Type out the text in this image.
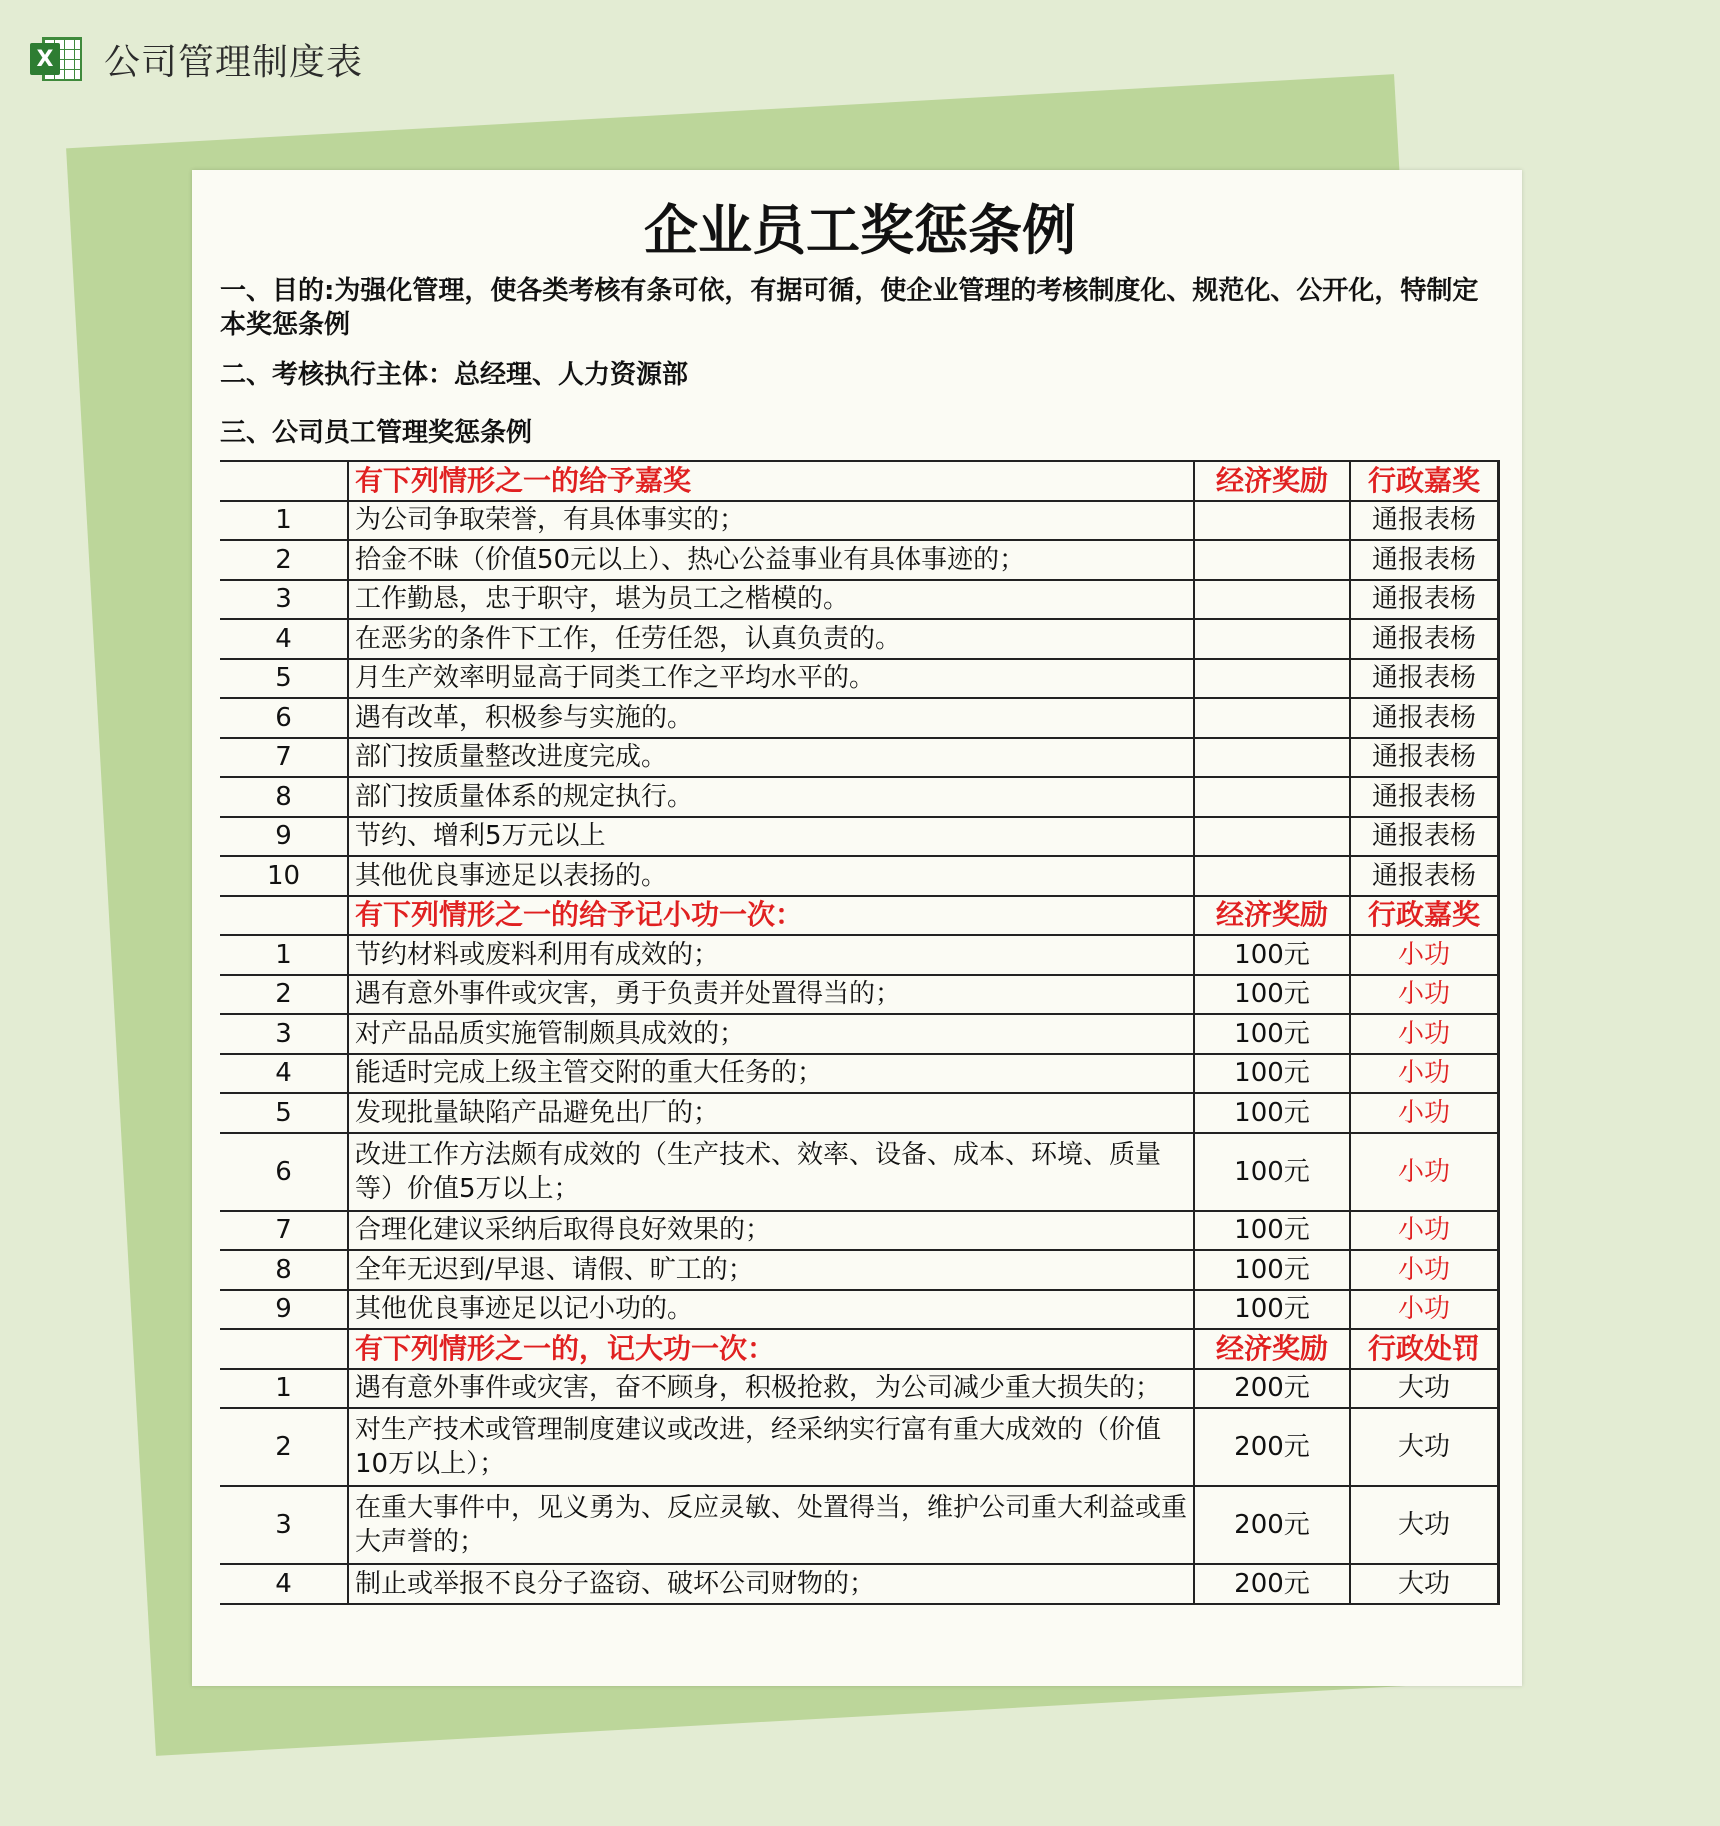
X 公司管理制度表
企业员工奖惩条例

一、目的:为强化管理，使各类考核有条可依，有据可循，使企业管理的考核制度化、规范化、公开化，特制定本奖惩条例

二、考核执行主体：总经理、人力资源部

三、公司员工管理奖惩条例

	有下列情形之一的给予嘉奖	经济奖励	行政嘉奖
1	为公司争取荣誉，有具体事实的；		通报表杨
2	拾金不昧（价值50元以上）、热心公益事业有具体事迹的；		通报表杨
3	工作勤恳，忠于职守，堪为员工之楷模的。		通报表杨
4	在恶劣的条件下工作，任劳任怨，认真负责的。		通报表杨
5	月生产效率明显高于同类工作之平均水平的。		通报表杨
6	遇有改革，积极参与实施的。		通报表杨
7	部门按质量整改进度完成。		通报表杨
8	部门按质量体系的规定执行。		通报表杨
9	节约、增利5万元以上		通报表杨
10	其他优良事迹足以表扬的。		通报表杨
	有下列情形之一的给予记小功一次：	经济奖励	行政嘉奖
1	节约材料或废料利用有成效的；	100元	小功
2	遇有意外事件或灾害，勇于负责并处置得当的；	100元	小功
3	对产品品质实施管制颇具成效的；	100元	小功
4	能适时完成上级主管交附的重大任务的；	100元	小功
5	发现批量缺陷产品避免出厂的；	100元	小功
6	改进工作方法颇有成效的（生产技术、效率、设备、成本、环境、质量等）价值5万以上；	100元	小功
7	合理化建议采纳后取得良好效果的；	100元	小功
8	全年无迟到/早退、请假、旷工的；	100元	小功
9	其他优良事迹足以记小功的。	100元	小功
	有下列情形之一的，记大功一次：	经济奖励	行政处罚
1	遇有意外事件或灾害，奋不顾身，积极抢救，为公司减少重大损失的；	200元	大功
2	对生产技术或管理制度建议或改进，经采纳实行富有重大成效的（价值10万以上）；	200元	大功
3	在重大事件中，见义勇为、反应灵敏、处置得当，维护公司重大利益或重大声誉的；	200元	大功
4	制止或举报不良分子盗窃、破坏公司财物的；	200元	大功
